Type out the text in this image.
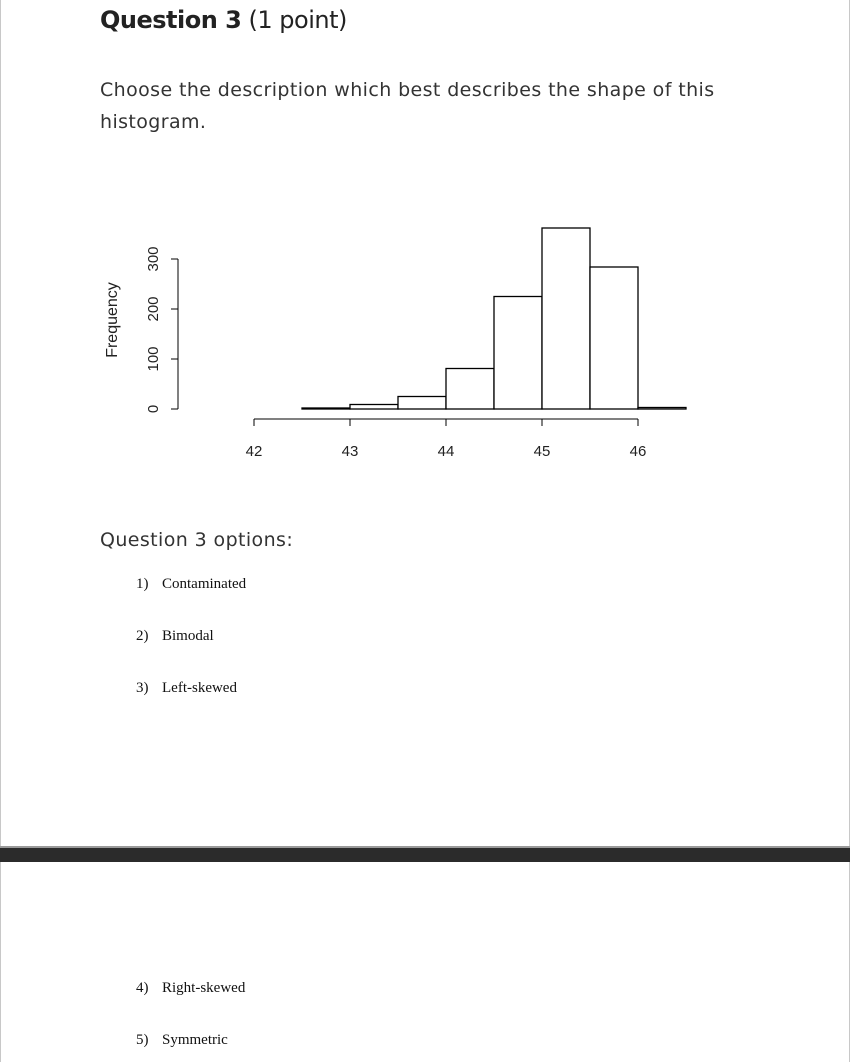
Question 3 (1 point)

Choose the description which best describes the shape of this histogram.

Frequency
0
100
200
300
42	43	44	45	46
Question 3 options:
1) Contaminated
2) Bimodal
3) Left-skewed
4) Right-skewed
5) Symmetric
